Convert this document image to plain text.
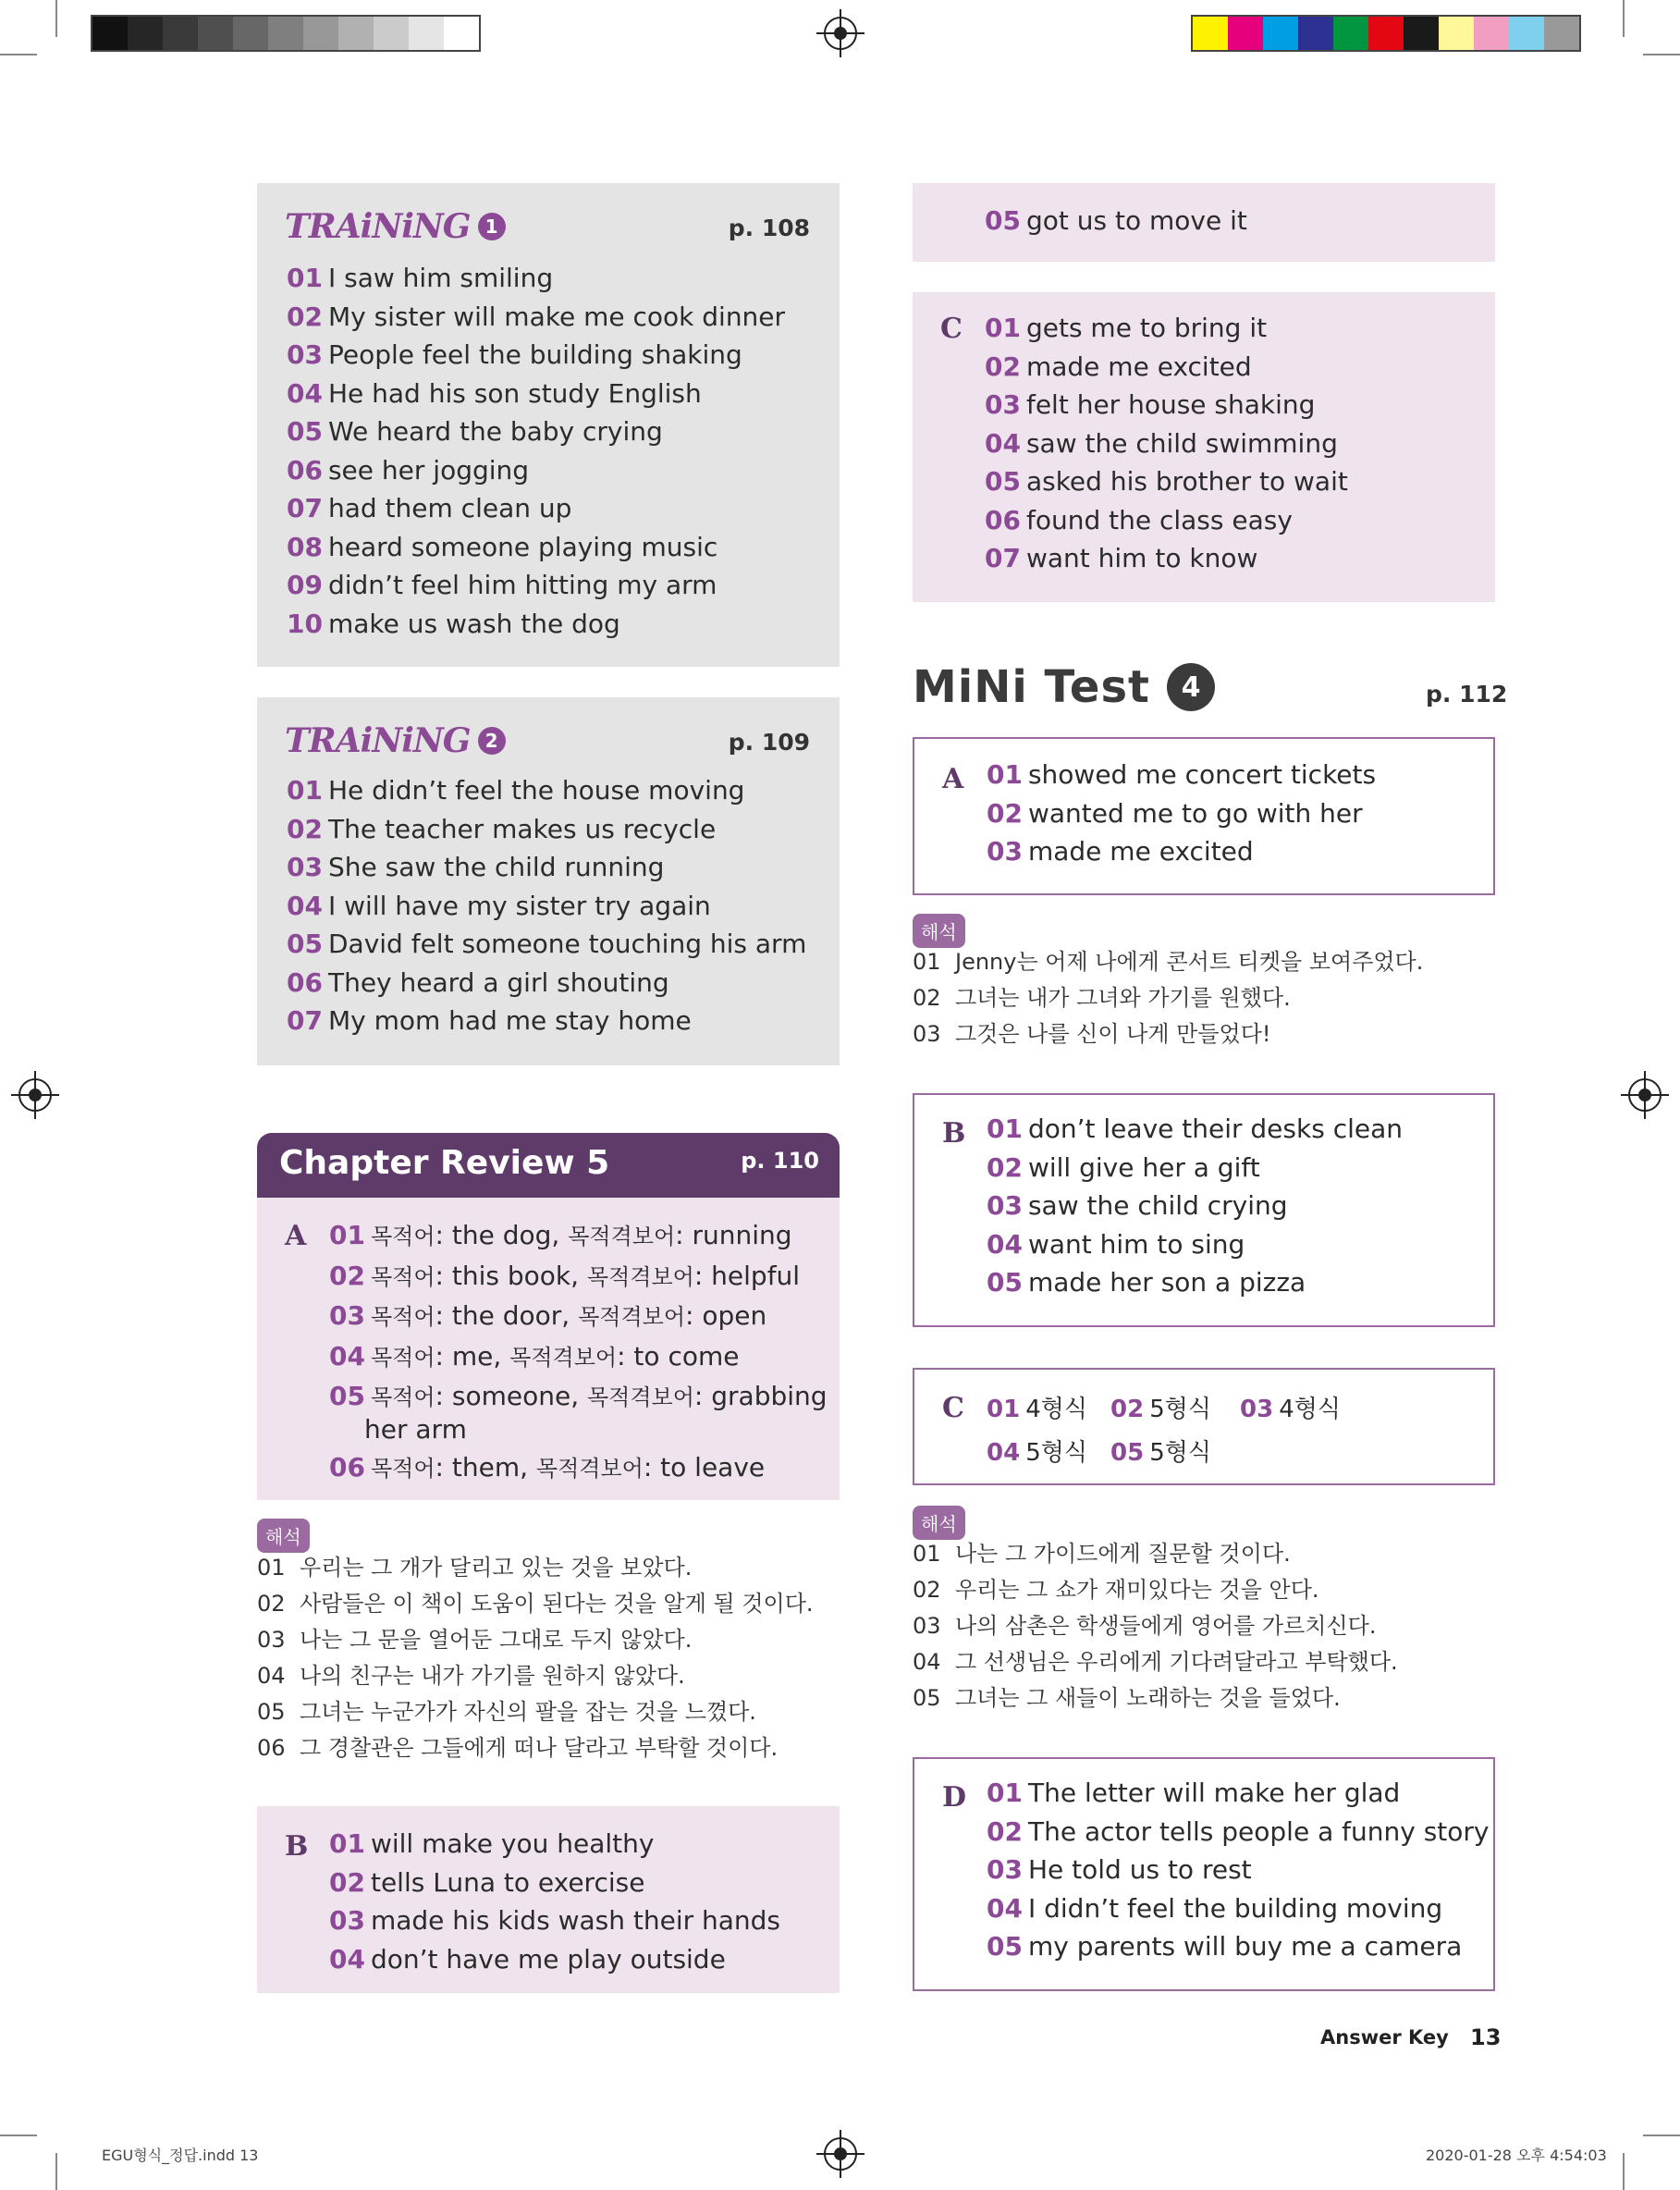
TRAiNiNG 1	p. 108
01 I saw him smiling
02 My sister will make me cook dinner
03 People feel the building shaking
04 He had his son study English
05 We heard the baby crying
06 see her jogging
07 had them clean up
08 heard someone playing music
09 didn’t feel him hitting my arm
10 make us wash the dog
TRAiNiNG 2	p. 109
01 He didn’t feel the house moving
02 The teacher makes us recycle
03 She saw the child running
04 I will have my sister try again
05 David felt someone touching his arm
06 They heard a girl shouting
07 My mom had me stay home
Chapter Review 5	p. 110
A 01 목적어: the dog, 목적격보어: running
02 목적어: this book, 목적격보어: helpful
03 목적어: the door, 목적격보어: open
04 목적어: me, 목적격보어: to come
05 목적어: someone, 목적격보어: grabbing
her arm
06 목적어: them, 목적격보어: to leave
해석
01 우리는 그 개가 달리고 있는 것을 보았다.
02 사람들은 이 책이 도움이 된다는 것을 알게 될 것이다.
03 나는 그 문을 열어둔 그대로 두지 않았다.
04 나의 친구는 내가 가기를 원하지 않았다.
05 그녀는 누군가가 자신의 팔을 잡는 것을 느꼈다.
06 그 경찰관은 그들에게 떠나 달라고 부탁할 것이다.
B 01 will make you healthy
02 tells Luna to exercise
03 made his kids wash their hands
04 don’t have me play outside
05 got us to move it
C 01 gets me to bring it
02 made me excited
03 felt her house shaking
04 saw the child swimming
05 asked his brother to wait
06 found the class easy
07 want him to know
MiNi Test	4	p. 112
A 01 showed me concert tickets
02 wanted me to go with her
03 made me excited
해석
01 Jenny는 어제 나에게 콘서트 티켓을 보여주었다.
02 그녀는 내가 그녀와 가기를 원했다.
03 그것은 나를 신이 나게 만들었다!
B 01 don’t leave their desks clean
02 will give her a gift
03 saw the child crying
04 want him to sing
05 made her son a pizza
C 01 4형식 02 5형식	03 4형식
04 5형식 05 5형식
해석
01 나는 그 가이드에게 질문할 것이다.
02 우리는 그 쇼가 재미있다는 것을 안다.
03 나의 삼촌은 학생들에게 영어를 가르치신다.
04 그 선생님은 우리에게 기다려달라고 부탁했다.
05 그녀는 그 새들이 노래하는 것을 들었다.
D 01 The letter will make her glad
02 The actor tells people a funny story
03 He told us to rest
04 I didn’t feel the building moving
05 my parents will buy me a camera
Answer Key 13
EGU형식_정답.indd 13	2020-01-28 오후 4:54:03
